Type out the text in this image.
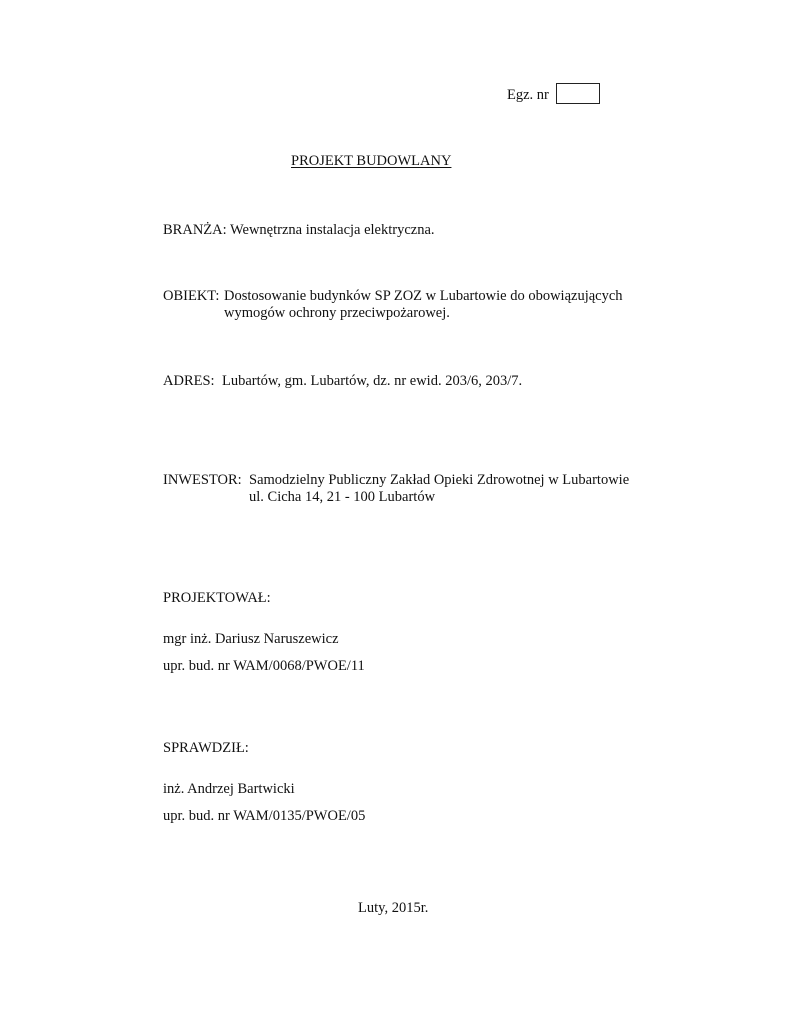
Egz. nr
PROJEKT BUDOWLANY
BRANŻA: Wewnętrzna instalacja elektryczna.
OBIEKT: Dostosowanie budynków SP ZOZ w Lubartowie do obowiązujących
wymogów ochrony przeciwpożarowej.
ADRES: Lubartów, gm. Lubartów, dz. nr ewid. 203/6, 203/7.
INWESTOR: Samodzielny Publiczny Zakład Opieki Zdrowotnej w Lubartowie
ul. Cicha 14, 21 - 100 Lubartów
PROJEKTOWAŁ:
mgr inż. Dariusz Naruszewicz
upr. bud. nr WAM/0068/PWOE/11
SPRAWDZIŁ:
inż. Andrzej Bartwicki
upr. bud. nr WAM/0135/PWOE/05
Luty, 2015r.
